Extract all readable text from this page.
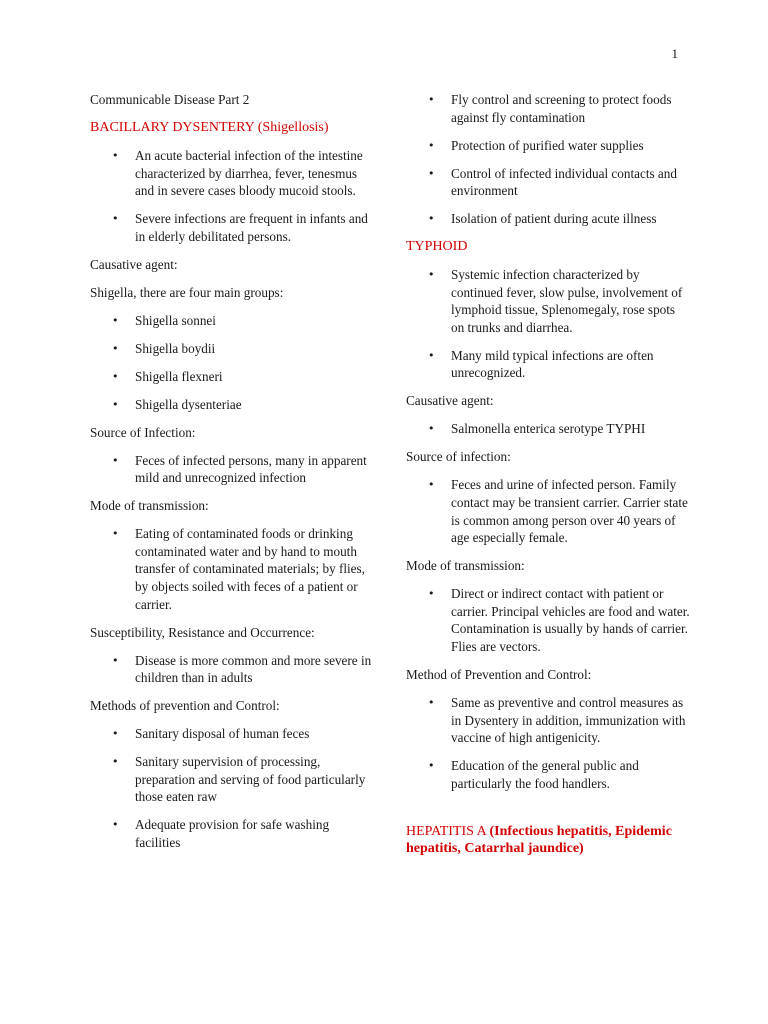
1

Communicable Disease Part 2

BACILLARY DYSENTERY (Shigellosis)

• An acute bacterial infection of the intestine characterized by diarrhea, fever, tenesmus and in severe cases bloody mucoid stools.
• Severe infections are frequent in infants and in elderly debilitated persons.

Causative agent:

Shigella, there are four main groups:

• Shigella sonnei
• Shigella boydii
• Shigella flexneri
• Shigella dysenteriae

Source of Infection:

• Feces of infected persons, many in apparent mild and unrecognized infection

Mode of transmission:

• Eating of contaminated foods or drinking contaminated water and by hand to mouth transfer of contaminated materials; by flies, by objects soiled with feces of a patient or carrier.

Susceptibility, Resistance and Occurrence:

• Disease is more common and more severe in children than in adults

Methods of prevention and Control:

• Sanitary disposal of human feces
• Sanitary supervision of processing, preparation and serving of food particularly those eaten raw
• Adequate provision for safe washing facilities
• Fly control and screening to protect foods against fly contamination
• Protection of purified water supplies
• Control of infected individual contacts and environment
• Isolation of patient during acute illness

TYPHOID

• Systemic infection characterized by continued fever, slow pulse, involvement of lymphoid tissue, Splenomegaly, rose spots on trunks and diarrhea.
• Many mild typical infections are often unrecognized.

Causative agent:

• Salmonella enterica serotype TYPHI

Source of infection:

• Feces and urine of infected person. Family contact may be transient carrier. Carrier state is common among person over 40 years of age especially female.

Mode of transmission:

• Direct or indirect contact with patient or carrier. Principal vehicles are food and water. Contamination is usually by hands of carrier. Flies are vectors.

Method of Prevention and Control:

• Same as preventive and control measures as in Dysentery in addition, immunization with vaccine of high antigenicity.
• Education of the general public and particularly the food handlers.

HEPATITIS A (Infectious hepatitis, Epidemic hepatitis, Catarrhal jaundice)
